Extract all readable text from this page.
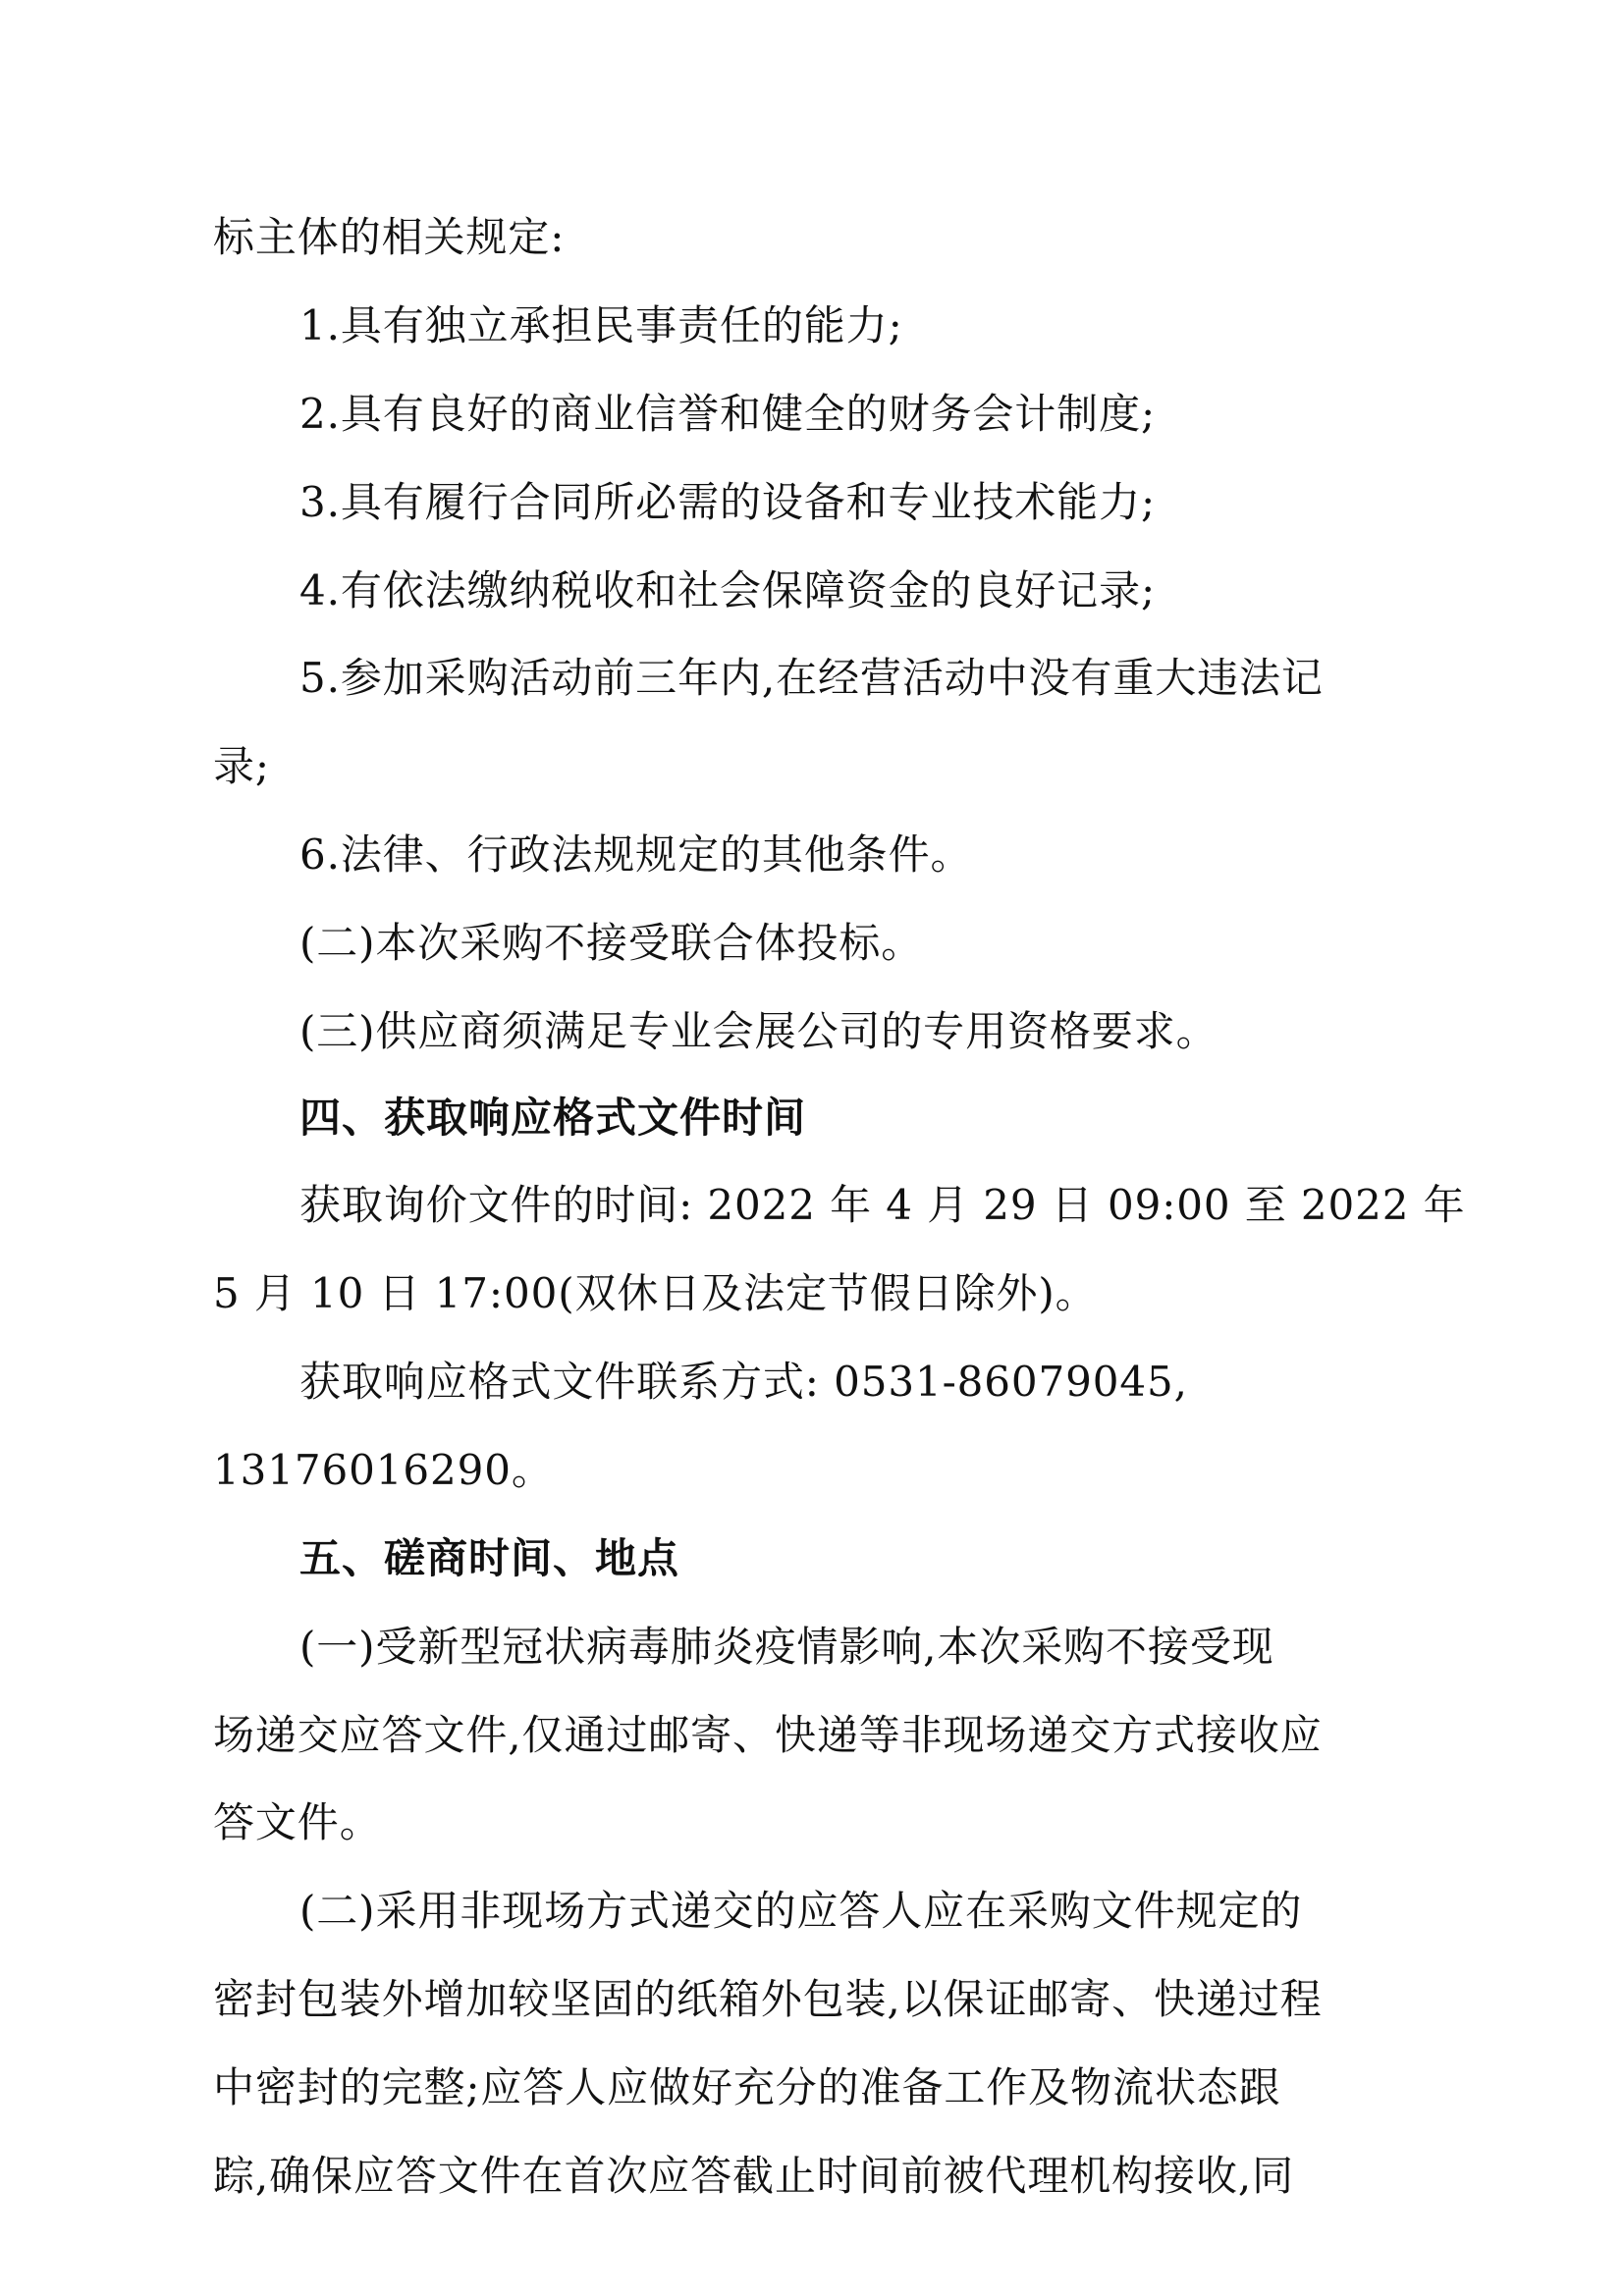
标主体的相关规定:
1.具有独立承担民事责任的能力;
2.具有良好的商业信誉和健全的财务会计制度;
3.具有履行合同所必需的设备和专业技术能力;
4.有依法缴纳税收和社会保障资金的良好记录;
5.参加采购活动前三年内,在经营活动中没有重大违法记
录;
6.法律、行政法规规定的其他条件。
(二)本次采购不接受联合体投标。
(三)供应商须满足专业会展公司的专用资格要求。
四、获取响应格式文件时间
获取询价文件的时间: 2022 年 4 月 29 日 09:00 至 2022 年
5 月 10 日 17:00(双休日及法定节假日除外)。
获取响应格式文件联系方式: 0531-86079045,
13176016290。
五、磋商时间、地点
(一)受新型冠状病毒肺炎疫情影响,本次采购不接受现
场递交应答文件,仅通过邮寄、快递等非现场递交方式接收应
答文件。
(二)采用非现场方式递交的应答人应在采购文件规定的
密封包装外增加较坚固的纸箱外包装,以保证邮寄、快递过程
中密封的完整;应答人应做好充分的准备工作及物流状态跟
踪,确保应答文件在首次应答截止时间前被代理机构接收,同
